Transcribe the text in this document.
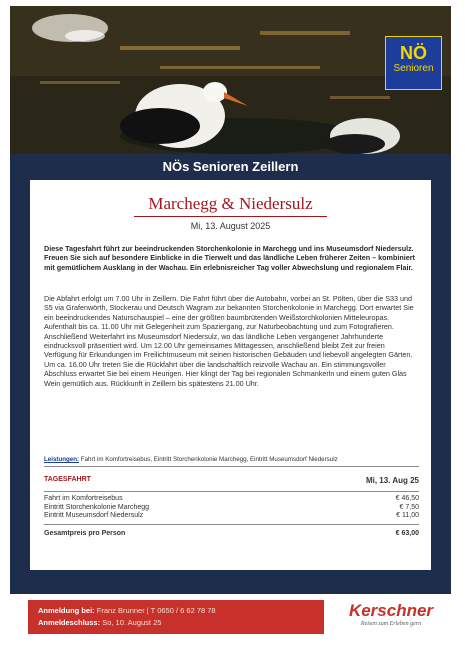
NÖ
Senioren
NÖs Senioren Zeillern
Marchegg & Niedersulz
Mi, 13. August 2025

Diese Tagesfahrt führt zur beeindruckenden Storchenkolonie in Marchegg und ins Museumsdorf Niedersulz. Freuen Sie sich auf besondere Einblicke in die Tierwelt und das ländliche Leben früherer Zeiten – kombiniert mit gemütlichem Ausklang in der Wachau. Ein erlebnisreicher Tag voller Abwechslung und regionalem Flair.

Die Abfahrt erfolgt um 7.00 Uhr in Zeillern. Die Fahrt führt über die Autobahn, vorbei an St. Pölten, über die S33 und S5 via Grafenwörth, Stockerau und Deutsch Wagram zur bekannten Storchenkolonie in Marchegg. Dort erwartet Sie ein beeindruckendes Naturschauspiel – eine der größten baumbrütenden Weißstorchkolonien Mitteleuropas. Aufenthalt bis ca. 11.00 Uhr mit Gelegenheit zum Spaziergang, zur Naturbeobachtung und zum Fotografieren. Anschließend Weiterfahrt ins Museumsdorf Niedersulz, wo das ländliche Leben vergangener Jahrhunderte eindrucksvoll präsentiert wird. Um 12.00 Uhr gemeinsames Mittagessen, anschließend bleibt Zeit zur freien Verfügung für Erkundungen im Freilichtmuseum mit seinen historischen Gebäuden und liebevoll angelegten Gärten. Um ca. 16.00 Uhr treten Sie die Rückfahrt über die landschaftlich reizvolle Wachau an. Ein stimmungsvoller Abschluss erwartet Sie bei einem Heurigen. Hier klingt der Tag bei regionalen Schmankerln und einem guten Glas Wein gemütlich aus. Rückkunft in Zeillern bis spätestens 21.00 Uhr.

Leistungen: Fahrt im Komfortreisebus, Eintritt Storchenkolonie Marchegg, Eintritt Museumsdorf Niedersulz
TAGESFAHRT	Mi, 13. Aug 25
Fahrt im Komfortreisebus	€ 46,50
Eintritt Storchenkolonie Marchegg	€ 7,50
Eintritt Museumsdorf Niedersulz	€ 11,00
Gesamtpreis pro Person	€ 63,00
Anmeldung bei: Franz Brunner | T 0650 / 6 62 78 78
Anmeldeschluss: So, 10. August 25
Kerschner
Reisen zum Erleben gern
